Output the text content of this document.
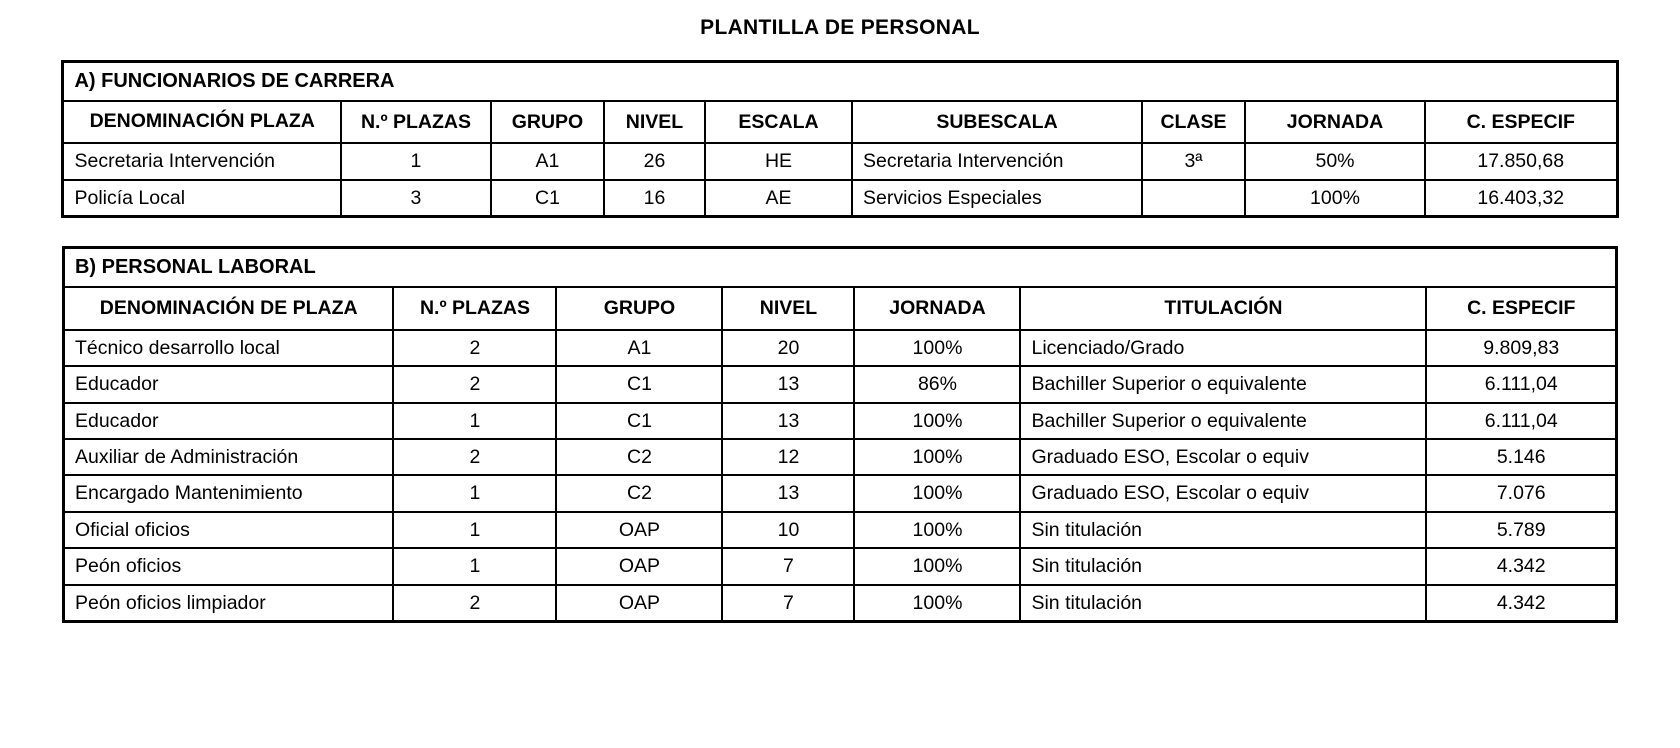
PLANTILLA DE PERSONAL
A) FUNCIONARIOS DE CARRERA								
DENOMINACIÓN PLAZA	N.º PLAZAS	GRUPO	NIVEL	ESCALA	SUBESCALA	CLASE	JORNADA	C. ESPECIF
Secretaria Intervención	1	A1	26	HE	Secretaria Intervención	3ª	50%	17.850,68
Policía Local	3	C1	16	AE	Servicios Especiales		100%	16.403,32
B) PERSONAL LABORAL						
DENOMINACIÓN DE PLAZA	N.º PLAZAS	GRUPO	NIVEL	JORNADA	TITULACIÓN	C. ESPECIF
Técnico desarrollo local	2	A1	20	100%	Licenciado/Grado	9.809,83
Educador	2	C1	13	86%	Bachiller Superior o equivalente	6.111,04
Educador	1	C1	13	100%	Bachiller Superior o equivalente	6.111,04
Auxiliar de Administración	2	C2	12	100%	Graduado ESO, Escolar o equiv	5.146
Encargado Mantenimiento	1	C2	13	100%	Graduado ESO, Escolar o equiv	7.076
Oficial oficios	1	OAP	10	100%	Sin titulación	5.789
Peón oficios	1	OAP	7	100%	Sin titulación	4.342
Peón oficios limpiador	2	OAP	7	100%	Sin titulación	4.342
